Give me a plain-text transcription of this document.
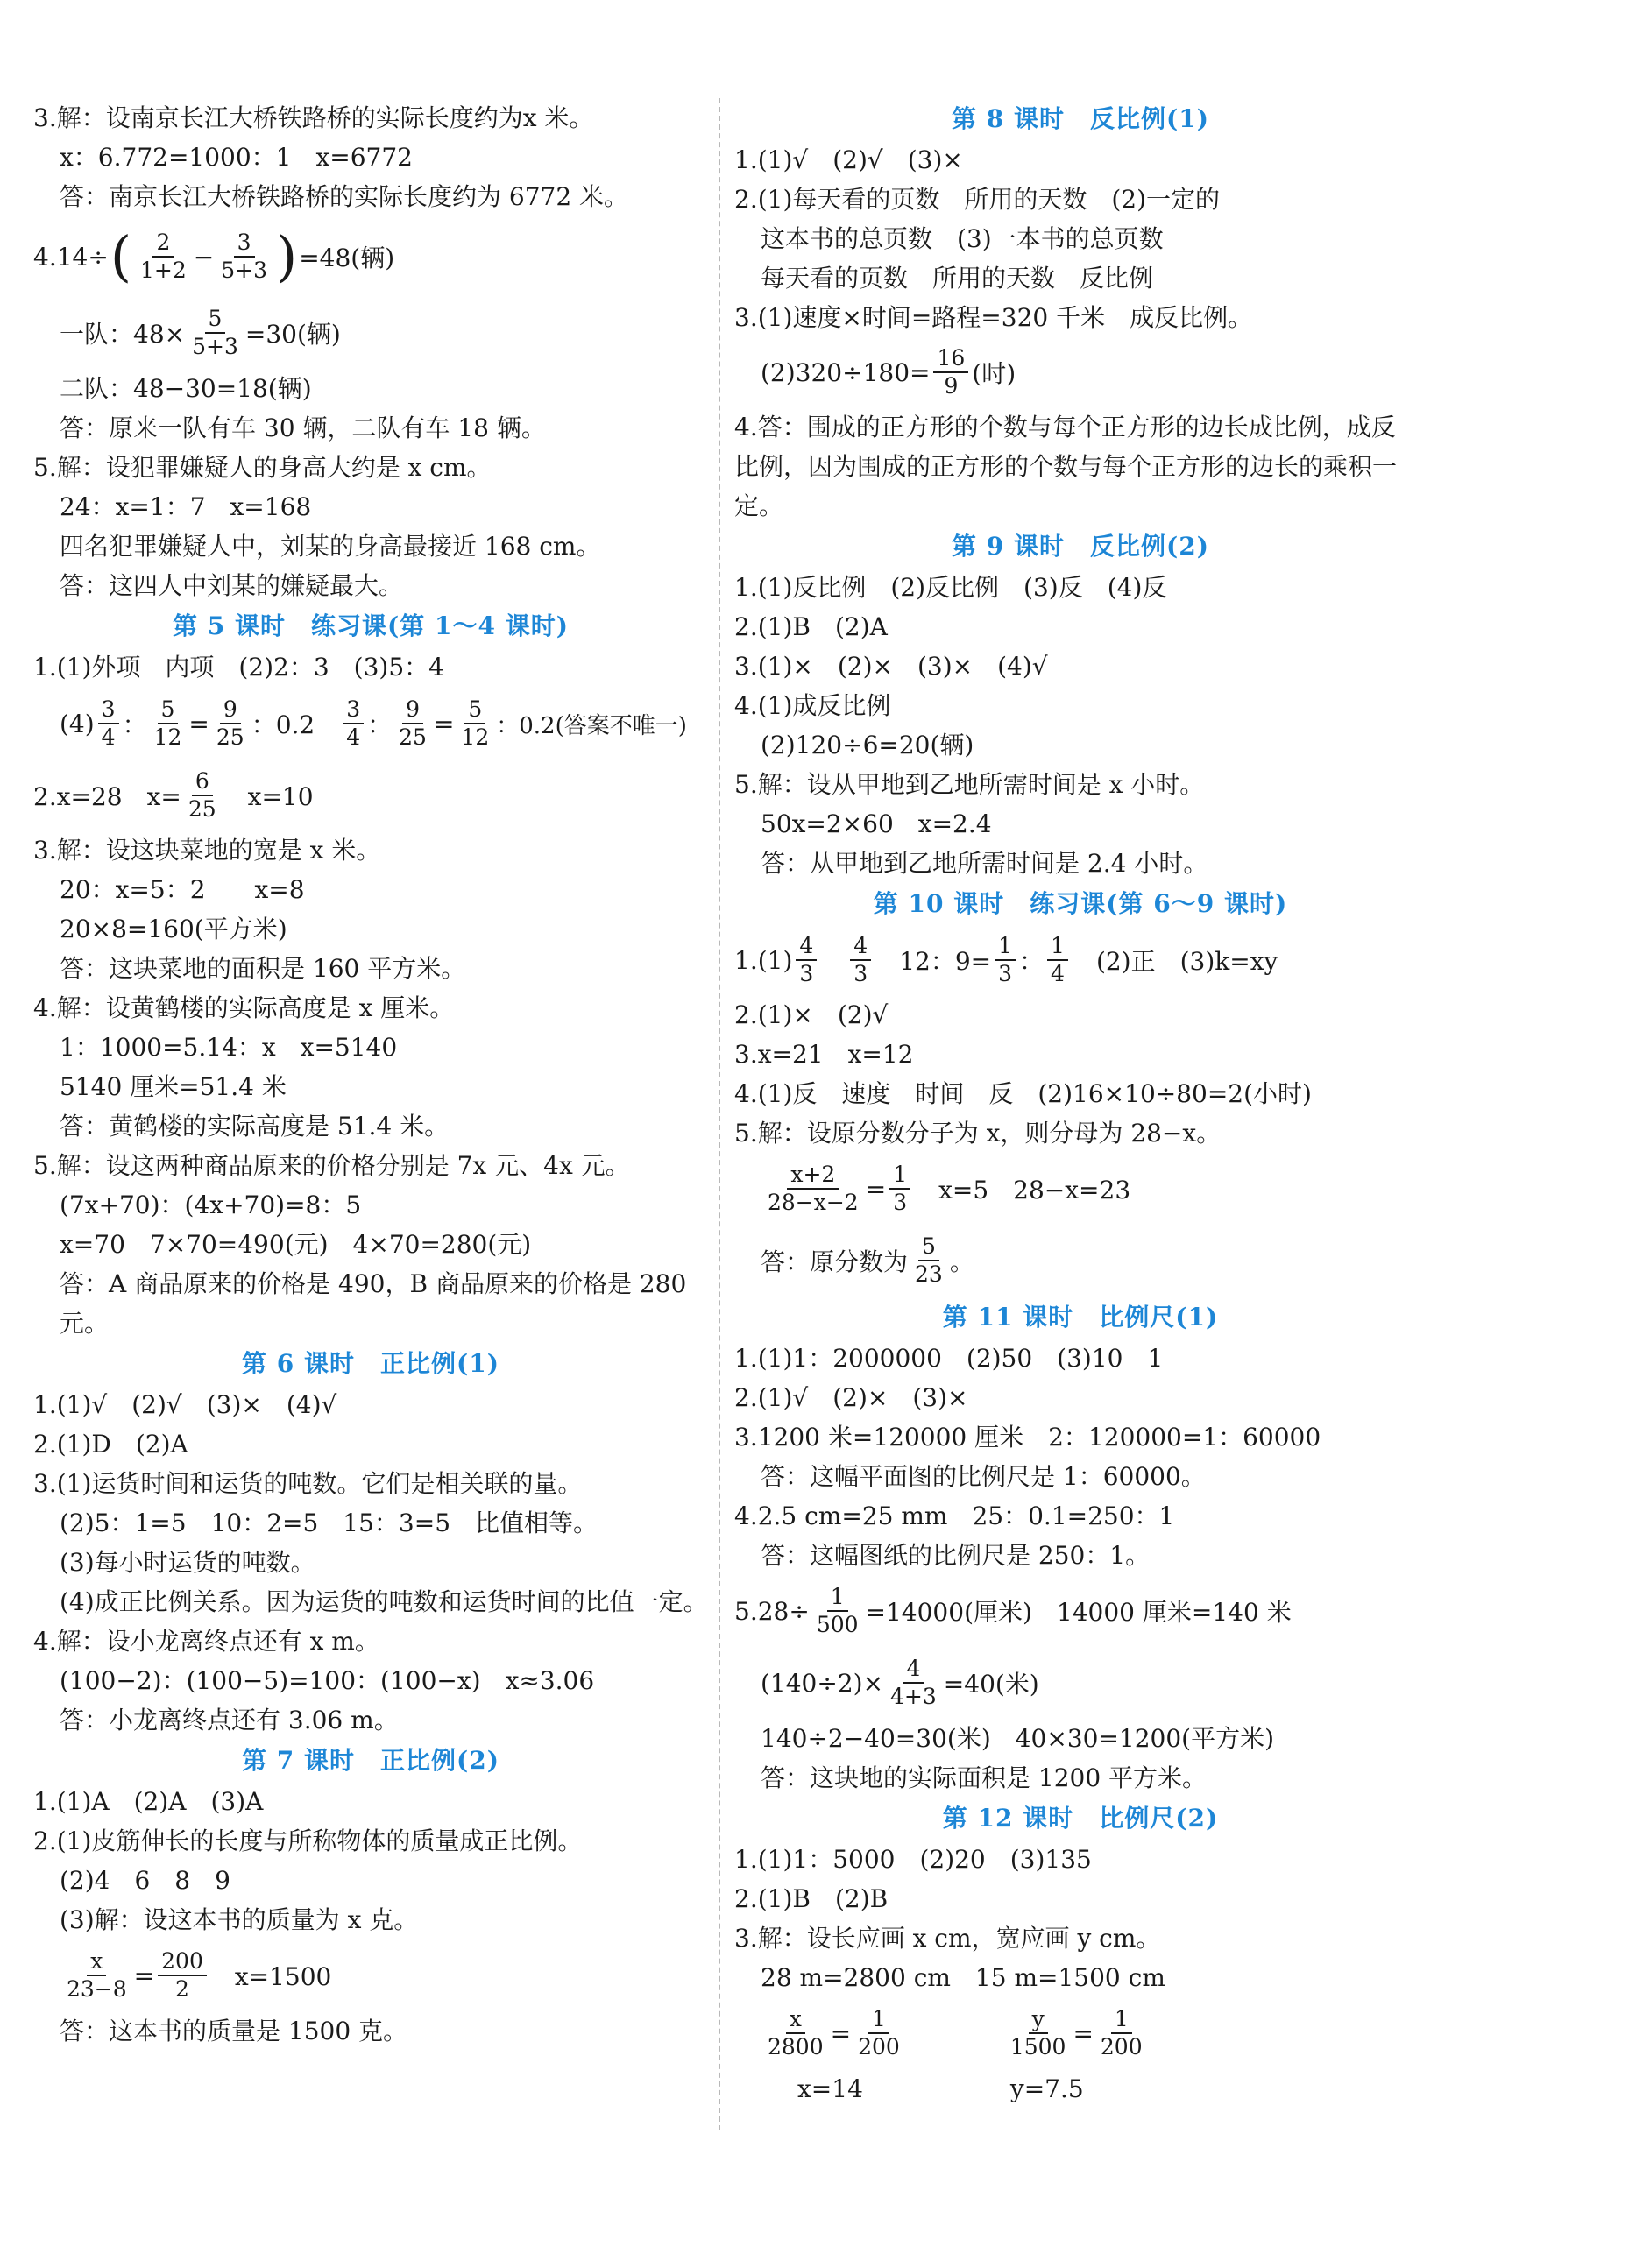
3.解：设南京长江大桥铁路桥的实际长度约为x 米。
x：6.772=1000：1　x=6772
答：南京长江大桥铁路桥的实际长度约为 6772 米。
4.14÷ ( $\frac{2}{1+2} - \frac{3}{5+3}$ ) =48(辆)
一队：$48\times \frac{5}{5+3} =30$(辆)
二队：48−30=18(辆)
答：原来一队有车 30 辆，二队有车 18 辆。
5.解：设犯罪嫌疑人的身高大约是 x cm。
24：x=1：7　x=168
四名犯罪嫌疑人中，刘某的身高最接近 168 cm。
答：这四人中刘某的嫌疑最大。
第 5 课时　练习课(第 1～4 课时)
1.(1)外项　内项　(2)2：3　(3)5：4
$(4) \frac{3}{4}$ ： $\frac{5}{12} = \frac{9}{25}$ ：0.2　 $\frac{3}{4}$ ： $\frac{9}{25} = \frac{5}{12}$ ：0.2(答案不唯一)
2.x=28　$x= \frac{6}{25}$ 　x=10
3.解：设这块菜地的宽是 x 米。
20：x=5：2　　x=8
20×8=160(平方米)
答：这块菜地的面积是 160 平方米。
4.解：设黄鹤楼的实际高度是 x 厘米。
1：1000=5.14：x　x=5140
5140 厘米=51.4 米
答：黄鹤楼的实际高度是 51.4 米。
5.解：设这两种商品原来的价格分别是 7x 元、4x 元。
(7x+70)：(4x+70)=8：5
x=70　7×70=490(元)　4×70=280(元)
答：A 商品原来的价格是 490，B 商品原来的价格是 280 元。
第 6 课时　正比例(1)
1.(1)√　(2)√　(3)×　(4)√
2.(1)D　(2)A
3.(1)运货时间和运货的吨数。它们是相关联的量。
(2)5：1=5　10：2=5　15：3=5　比值相等。
(3)每小时运货的吨数。
(4)成正比例关系。因为运货的吨数和运货时间的比值一定。
4.解：设小龙离终点还有 x m。
(100−2)：(100−5)=100：(100−x)　x≈3.06
答：小龙离终点还有 3.06 m。
第 7 课时　正比例(2)
1.(1)A　(2)A　(3)A
2.(1)皮筋伸长的长度与所称物体的质量成正比例。
(2)4　6　8　9
(3)解：设这本书的质量为 x 克。
$\frac{x}{23-8} = \frac{200}{2}$ 　x=1500
答：这本书的质量是 1500 克。
第 8 课时　反比例(1)
1.(1)√　(2)√　(3)×
2.(1)每天看的页数　所用的天数　(2)一定的
这本书的总页数　(3)一本书的总页数
每天看的页数　所用的天数　反比例
3.(1)速度×时间=路程=320 千米　成反比例。
$(2)320\div 180= \frac{16}{9}$ (时)
4.答：围成的正方形的个数与每个正方形的边长成比例，成反比例，因为围成的正方形的个数与每个正方形的边长的乘积一定。
第 9 课时　反比例(2)
1.(1)反比例　(2)反比例　(3)反　(4)反
2.(1)B　(2)A
3.(1)×　(2)×　(3)×　(4)√
4.(1)成反比例
(2)120÷6=20(辆)
5.解：设从甲地到乙地所需时间是 x 小时。
50x=2×60　x=2.4
答：从甲地到乙地所需时间是 2.4 小时。
第 10 课时　练习课(第 6～9 课时)
$1.(1) \frac{4}{3} \frac{4}{3}$ 　12：$9= \frac{1}{3}$ ： $\frac{1}{4}$ 　(2)正　(3)k=xy
2.(1)×　(2)√
3.x=21　x=12
4.(1)反　速度　时间　反　(2)16×10÷80=2(小时)
5.解：设原分数分子为 x，则分母为 28−x。
$\frac{x+2}{28-x-2} = \frac{1}{3}$ 　x=5　28−x=23
答：原分数为 $\frac{5}{23}$ 。
第 11 课时　比例尺(1)
1.(1)1：2000000　(2)50　(3)10　1
2.(1)√　(2)×　(3)×
3.1200 米=120000 厘米　2：120000=1：60000
答：这幅平面图的比例尺是 1：60000。
4.2.5 cm=25 mm　25：0.1=250：1
答：这幅图纸的比例尺是 250：1。
$5.28\div \frac{1}{500} =14000$(厘米)　14000 厘米=140 米
$(140\div 2)\times \frac{4}{4+3} =40$(米)
140÷2−40=30(米)　40×30=1200(平方米)
答：这块地的实际面积是 1200 平方米。
第 12 课时　比例尺(2)
1.(1)1：5000　(2)20　(3)135
2.(1)B　(2)B
3.解：设长应画 x cm，宽应画 y cm。
28 m=2800 cm　15 m=1500 cm
$\frac{x}{2800} = \frac{1}{200}$	$\frac{y}{1500} = \frac{1}{200}$
x=14	y=7.5
